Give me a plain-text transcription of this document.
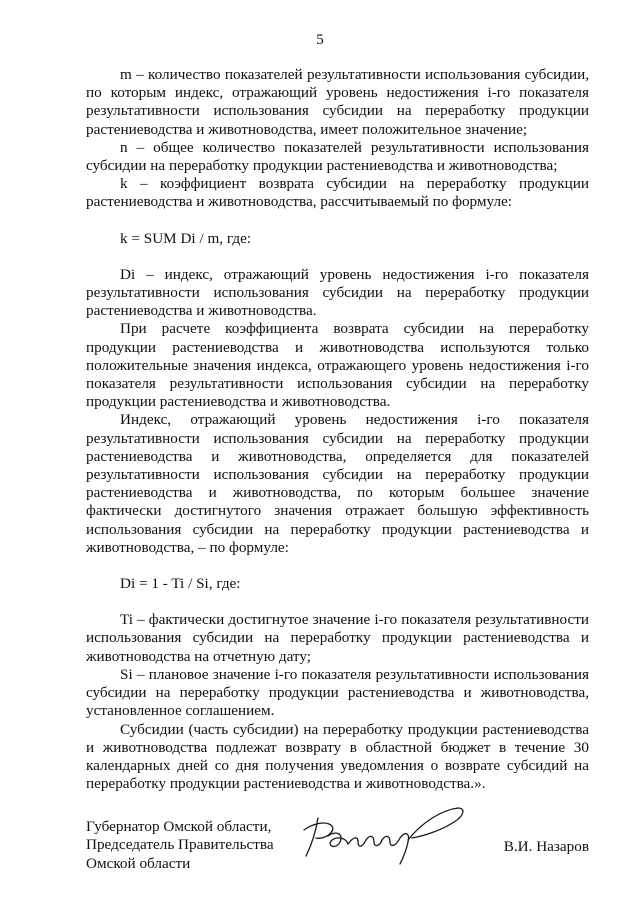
5

m – количество показателей результативности использования субсидии, по которым индекс, отражающий уровень недостижения i-го показателя результативности использования субсидии на переработку продукции растениеводства и животноводства, имеет положительное значение;

n – общее количество показателей результативности использования субсидии на переработку продукции растениеводства и животноводства;

k – коэффициент возврата субсидии на переработку продукции растениеводства и животноводства, рассчитываемый по формуле:

k = SUM Di / m, где:

Di – индекс, отражающий уровень недостижения i-го показателя результативности использования субсидии на переработку продукции растениеводства и животноводства.

При расчете коэффициента возврата субсидии на переработку продукции растениеводства и животноводства используются только положительные значения индекса, отражающего уровень недостижения i-го показателя результативности использования субсидии на переработку продукции растениеводства и животноводства.

Индекс, отражающий уровень недостижения i-го показателя результативности использования субсидии на переработку продукции растениеводства и животноводства, определяется для показателей результативности использования субсидии на переработку продукции растениеводства и животноводства, по которым большее значение фактически достигнутого значения отражает большую эффективность использования субсидии на переработку продукции растениеводства и животноводства, – по формуле:

Di = 1 - Ti / Si, где:

Ti – фактически достигнутое значение i-го показателя результативности использования субсидии на переработку продукции растениеводства и животноводства на отчетную дату;

Si – плановое значение i-го показателя результативности использования субсидии на переработку продукции растениеводства и животноводства, установленное соглашением.

Субсидии (часть субсидии) на переработку продукции растениеводства и животноводства подлежат возврату в областной бюджет в течение 30 календарных дней со дня получения уведомления о возврате субсидий на переработку продукции растениеводства и животноводства.».

Губернатор Омской области,
Председатель Правительства
Омской области
В.И. Назаров
